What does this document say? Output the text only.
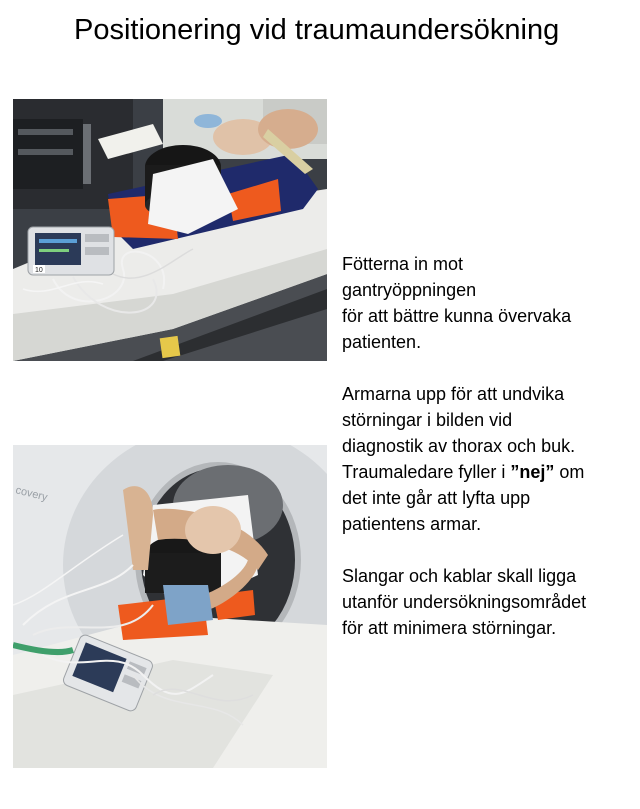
Positionering vid traumaundersökning
10
covery

Fötterna in mot
gantryöppningen
för att bättre kunna övervaka
patienten.

Armarna upp för att undvika
störningar i bilden vid
diagnostik av thorax och buk.
Traumaledare fyller i ”nej” om
det inte går att lyfta upp
patientens armar.

Slangar och kablar skall ligga
utanför undersökningsområdet
för att minimera störningar.
